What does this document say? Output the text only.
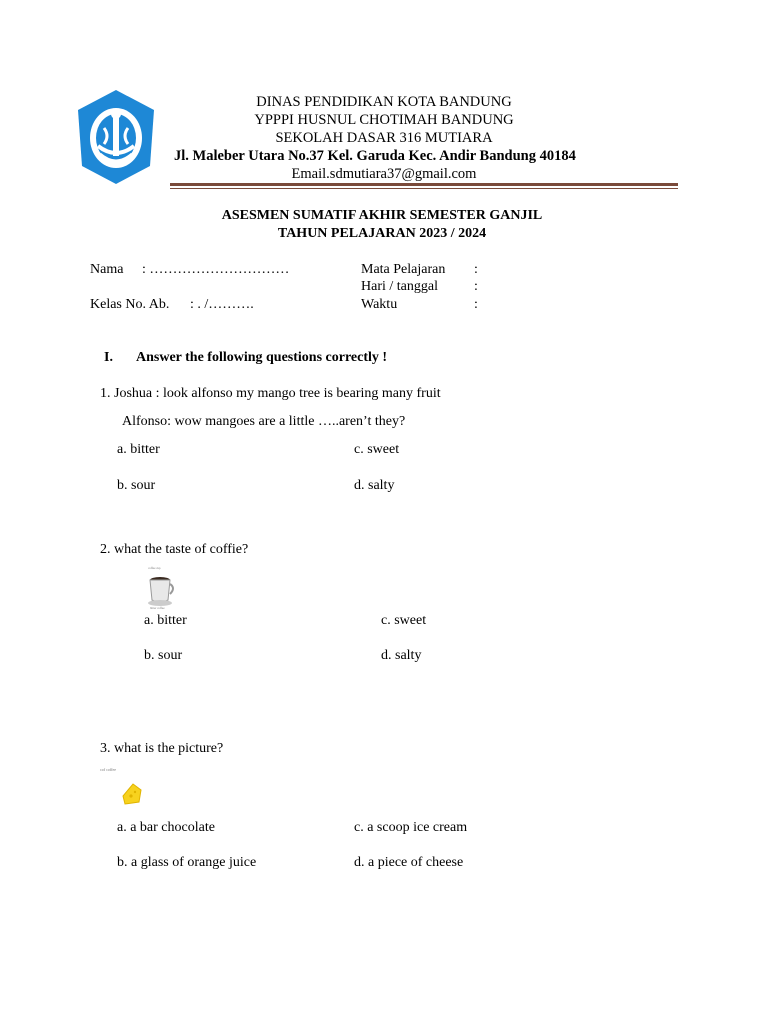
DINAS PENDIDIKAN KOTA BANDUNG
YPPPI HUSNUL CHOTIMAH BANDUNG
SEKOLAH DASAR 316 MUTIARA
Jl. Maleber Utara No.37 Kel. Garuda Kec. Andir Bandung 40184
Email.sdmutiara37@gmail.com
ASESMEN SUMATIF AKHIR SEMESTER GANJIL
TAHUN PELAJARAN 2023 / 2024
Nama : …………………………
Kelas No. Ab. : . /……….
Mata Pelajaran :
Hari / tanggal	:
Waktu	:
I. Answer the following questions correctly !
1. Joshua : look alfonso my mango tree is bearing many fruit
Alfonso: wow mangoes are a little …..aren’t they?
a. bitter	c. sweet
b. sour	d. salty
2. what the taste of coffie?
coffee cup
bitter coffee
a. bitter	c. sweet
b. sour	d. salty
3. what is the picture?
cof coffee
a. a bar chocolate	c. a scoop ice cream
b. a glass of orange juice	d. a piece of cheese
